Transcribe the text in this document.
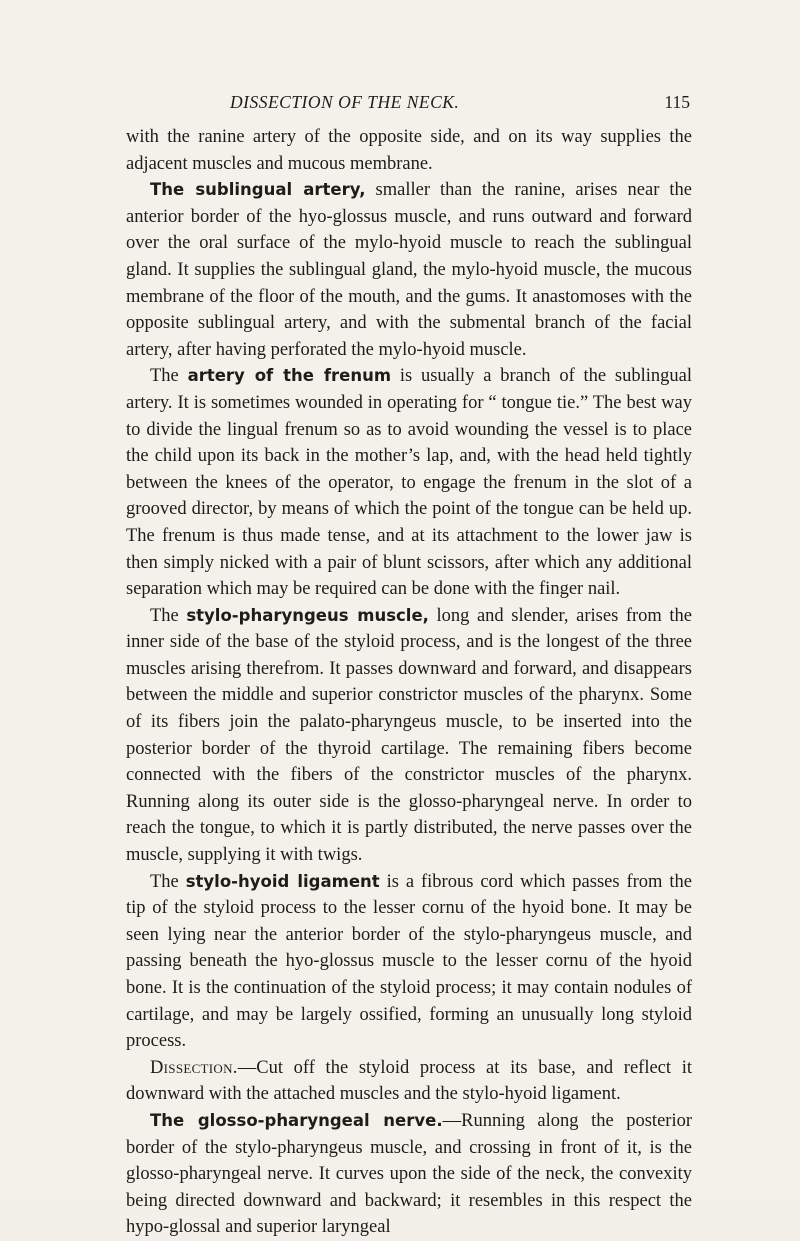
DISSECTION OF THE NECK.	115

with the ranine artery of the opposite side, and on its way supplies the adjacent muscles and mucous membrane.

The sublingual artery, smaller than the ranine, arises near the anterior border of the hyo-glossus muscle, and runs outward and forward over the oral surface of the mylo-hyoid muscle to reach the sublingual gland. It supplies the sublingual gland, the mylo-hyoid muscle, the mucous membrane of the floor of the mouth, and the gums. It anastomoses with the opposite sublingual artery, and with the submental branch of the facial artery, after having perforated the mylo-hyoid muscle.

The artery of the frenum is usually a branch of the sublingual artery. It is sometimes wounded in operating for “ tongue tie.” The best way to divide the lingual frenum so as to avoid wounding the vessel is to place the child upon its back in the mother’s lap, and, with the head held tightly between the knees of the operator, to engage the frenum in the slot of a grooved director, by means of which the point of the tongue can be held up. The frenum is thus made tense, and at its attachment to the lower jaw is then simply nicked with a pair of blunt scissors, after which any additional separation which may be required can be done with the finger nail.

The stylo-pharyngeus muscle, long and slender, arises from the inner side of the base of the styloid process, and is the longest of the three muscles arising therefrom. It passes downward and forward, and disappears between the middle and superior constrictor muscles of the pharynx. Some of its fibers join the palato-pharyngeus muscle, to be inserted into the posterior border of the thyroid cartilage. The remaining fibers become connected with the fibers of the constrictor muscles of the pharynx. Running along its outer side is the glosso-pharyngeal nerve. In order to reach the tongue, to which it is partly distributed, the nerve passes over the muscle, supplying it with twigs.

The stylo-hyoid ligament is a fibrous cord which passes from the tip of the styloid process to the lesser cornu of the hyoid bone. It may be seen lying near the anterior border of the stylo-pharyngeus muscle, and passing beneath the hyo-glossus muscle to the lesser cornu of the hyoid bone. It is the continuation of the styloid process; it may contain nodules of cartilage, and may be largely ossified, forming an unusually long styloid process.

Dissection.—Cut off the styloid process at its base, and reflect it downward with the attached muscles and the stylo-hyoid ligament.

The glosso-pharyngeal nerve.—Running along the posterior border of the stylo-pharyngeus muscle, and crossing in front of it, is the glosso-pharyngeal nerve. It curves upon the side of the neck, the convexity being directed downward and backward; it resembles in this respect the hypo-glossal and superior laryngeal
